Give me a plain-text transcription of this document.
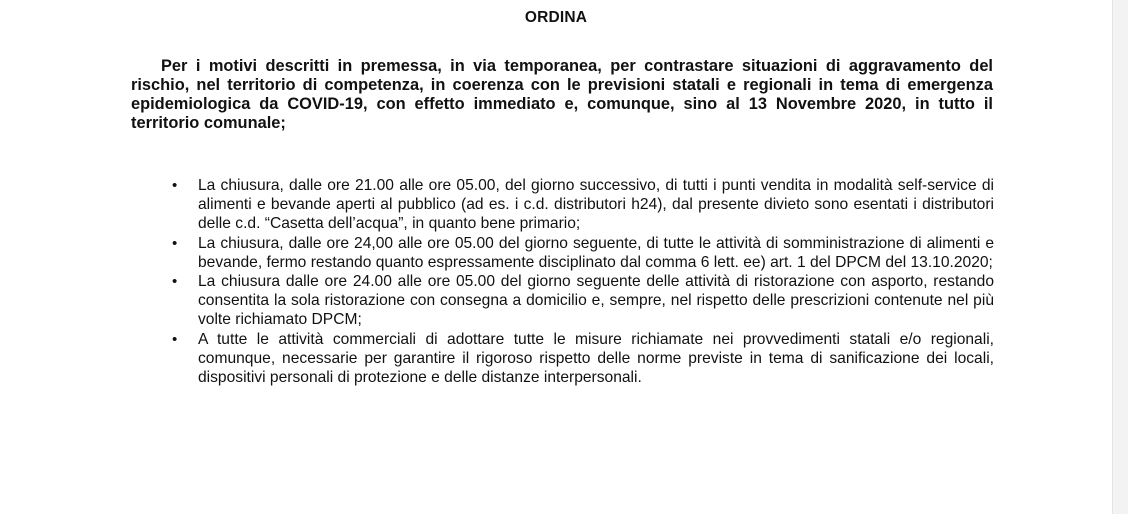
ORDINA

Per i motivi descritti in premessa, in via temporanea, per contrastare situazioni di aggravamento del rischio, nel territorio di competenza, in coerenza con le previsioni statali e regionali in tema di emergenza epidemiologica da COVID-19, con effetto immediato e, comunque, sino al 13 Novembre 2020, in tutto il territorio comunale;

• La chiusura, dalle ore 21.00 alle ore 05.00, del giorno successivo, di tutti i punti vendita in modalità self-service di alimenti e bevande aperti al pubblico (ad es. i c.d. distributori h24), dal presente divieto sono esentati i distributori delle c.d. “Casetta dell’acqua”, in quanto bene primario;
• La chiusura, dalle ore 24,00 alle ore 05.00 del giorno seguente, di tutte le attività di somministrazione di alimenti e bevande, fermo restando quanto espressamente disciplinato dal comma 6 lett. ee) art. 1 del DPCM del 13.10.2020;
• La chiusura dalle ore 24.00 alle ore 05.00 del giorno seguente delle attività di ristorazione con asporto, restando consentita la sola ristorazione con consegna a domicilio e, sempre, nel rispetto delle prescrizioni contenute nel più volte richiamato DPCM;
• A tutte le attività commerciali di adottare tutte le misure richiamate nei provvedimenti statali e/o regionali, comunque, necessarie per garantire il rigoroso rispetto delle norme previste in tema di sanificazione dei locali, dispositivi personali di protezione e delle distanze interpersonali.
